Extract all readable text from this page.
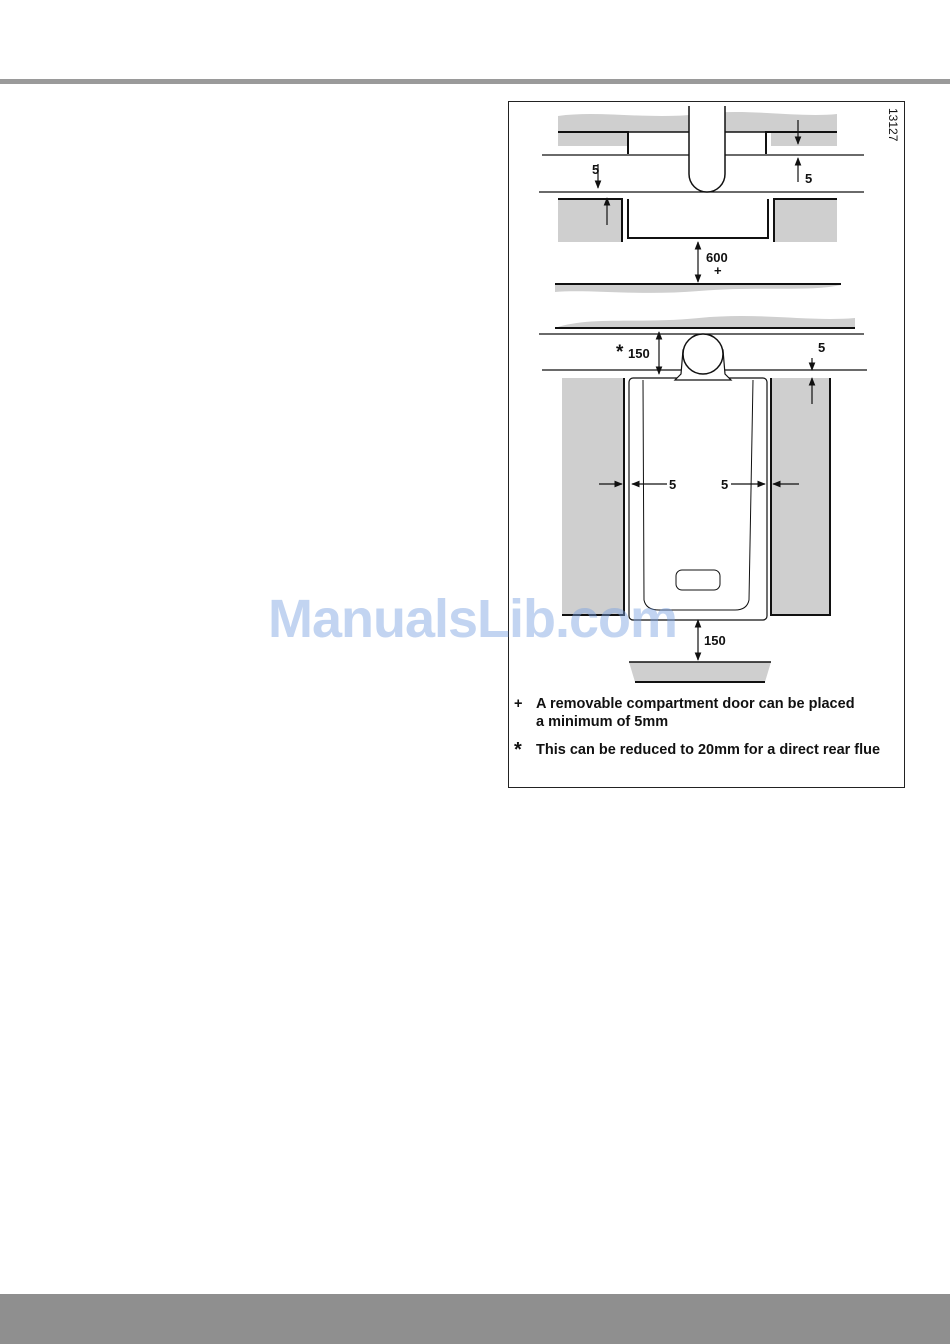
13127
5
5
600
+
* 150	5
5	5
150
+ A removable compartment door can be placed
a minimum of 5mm
* This can be reduced to 20mm for a direct rear flue
ManualsLib.com
